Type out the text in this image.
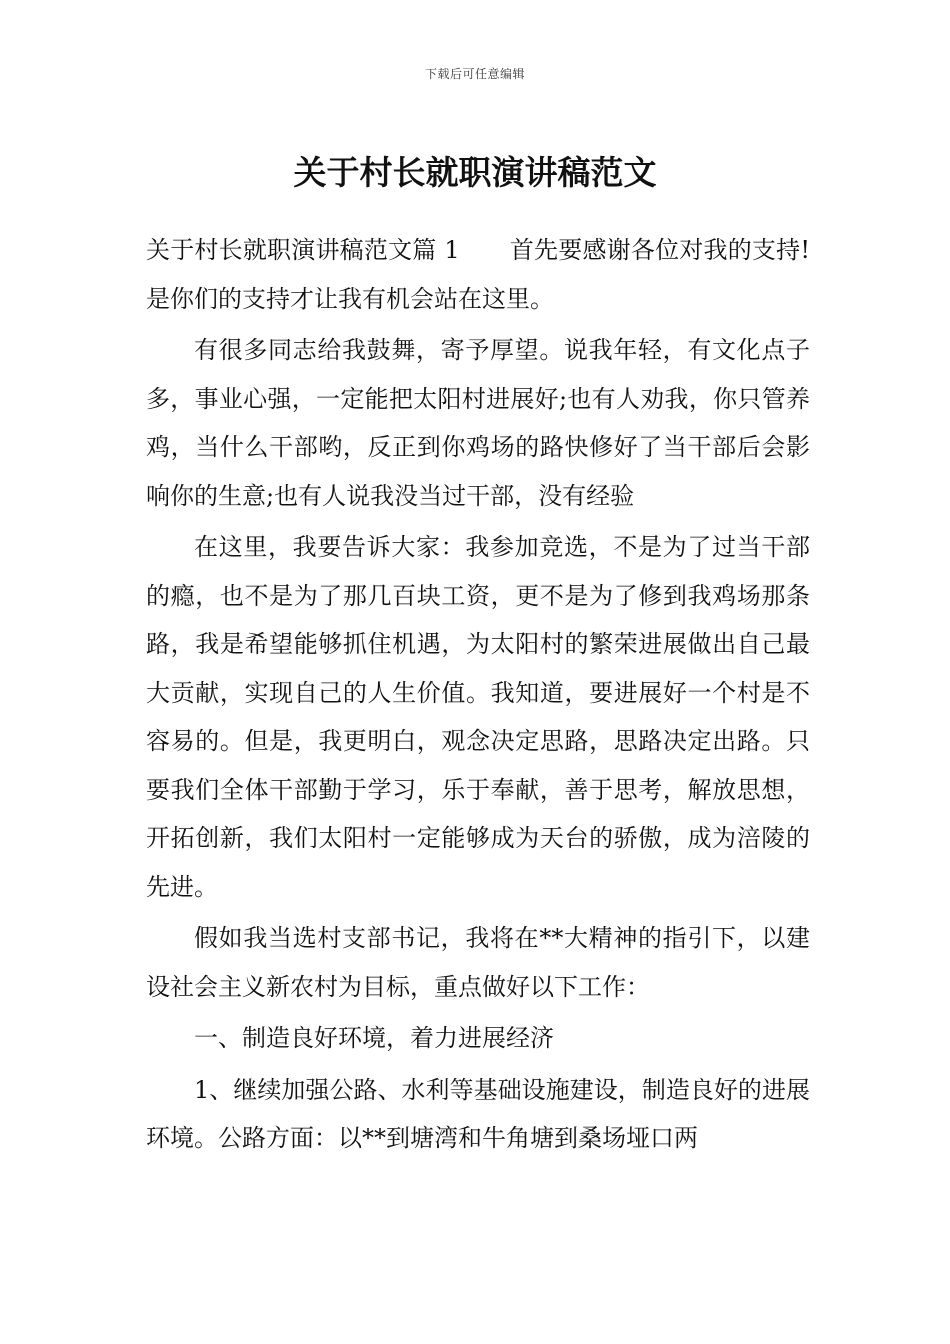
下载后可任意编辑
关于村长就职演讲稿范文

关于村长就职演讲稿范文篇 1 首先要感谢各位对我的支持!是你们的支持才让我有机会站在这里。

有很多同志给我鼓舞，寄予厚望。说我年轻，有文化点子多，事业心强，一定能把太阳村进展好;也有人劝我，你只管养鸡，当什么干部哟，反正到你鸡场的路快修好了当干部后会影响你的生意;也有人说我没当过干部，没有经验

在这里，我要告诉大家：我参加竞选，不是为了过当干部的瘾，也不是为了那几百块工资，更不是为了修到我鸡场那条路，我是希望能够抓住机遇，为太阳村的繁荣进展做出自己最大贡献，实现自己的人生价值。我知道，要进展好一个村是不容易的。但是，我更明白，观念决定思路，思路决定出路。只要我们全体干部勤于学习，乐于奉献，善于思考，解放思想，开拓创新，我们太阳村一定能够成为天台的骄傲，成为涪陵的先进。

假如我当选村支部书记，我将在**大精神的指引下，以建设社会主义新农村为目标，重点做好以下工作：

一、制造良好环境，着力进展经济

1、继续加强公路、水利等基础设施建设，制造良好的进展环境。公路方面：以**到塘湾和牛角塘到桑场垭口两
